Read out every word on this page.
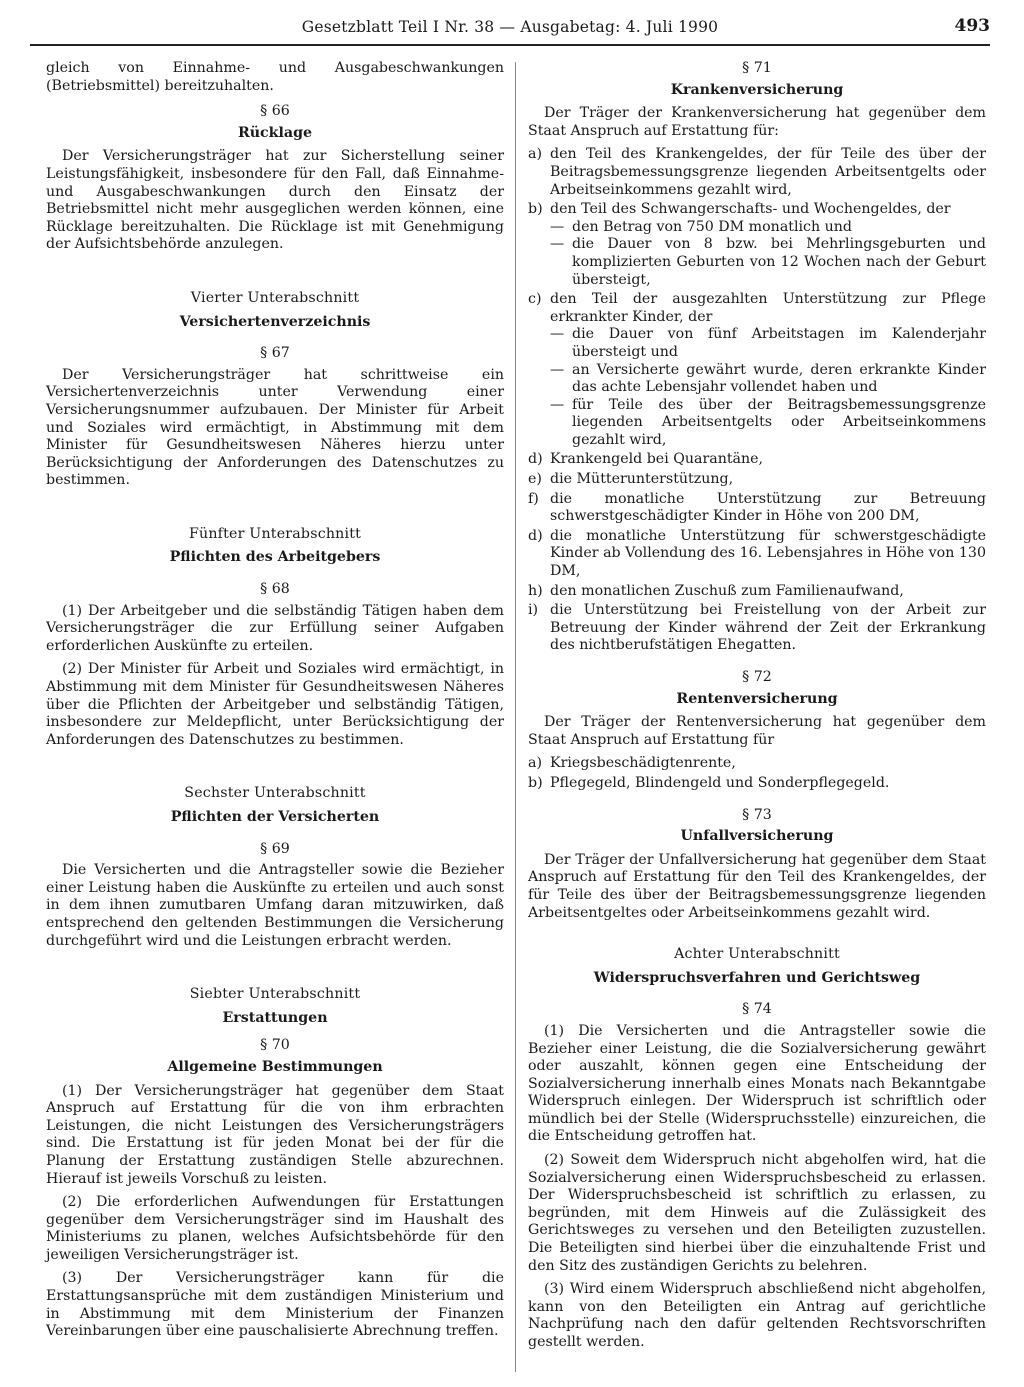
Gesetzblatt Teil I Nr. 38 — Ausgabetag: 4. Juli 1990	493

gleich von Einnahme- und Ausgabeschwankungen (Betriebsmittel) bereitzuhalten.

§ 66
Rücklage

Der Versicherungsträger hat zur Sicherstellung seiner Leistungsfähigkeit, insbesondere für den Fall, daß Einnahme- und Ausgabeschwankungen durch den Einsatz der Betriebsmittel nicht mehr ausgeglichen werden können, eine Rücklage bereitzuhalten. Die Rücklage ist mit Genehmigung der Aufsichtsbehörde anzulegen.

Vierter Unterabschnitt
Versichertenverzeichnis
§ 67

Der Versicherungsträger hat schrittweise ein Versichertenverzeichnis unter Verwendung einer Versicherungsnummer aufzubauen. Der Minister für Arbeit und Soziales wird ermächtigt, in Abstimmung mit dem Minister für Gesundheitswesen Näheres hierzu unter Berücksichtigung der Anforderungen des Datenschutzes zu bestimmen.

Fünfter Unterabschnitt
Pflichten des Arbeitgebers
§ 68

(1) Der Arbeitgeber und die selbständig Tätigen haben dem Versicherungsträger die zur Erfüllung seiner Aufgaben erforderlichen Auskünfte zu erteilen.

(2) Der Minister für Arbeit und Soziales wird ermächtigt, in Abstimmung mit dem Minister für Gesundheitswesen Näheres über die Pflichten der Arbeitgeber und selbständig Tätigen, insbesondere zur Meldepflicht, unter Berücksichtigung der Anforderungen des Datenschutzes zu bestimmen.

Sechster Unterabschnitt
Pflichten der Versicherten
§ 69

Die Versicherten und die Antragsteller sowie die Bezieher einer Leistung haben die Auskünfte zu erteilen und auch sonst in dem ihnen zumutbaren Umfang daran mitzuwirken, daß entsprechend den geltenden Bestimmungen die Versicherung durchgeführt wird und die Leistungen erbracht werden.

Siebter Unterabschnitt
Erstattungen
§ 70
Allgemeine Bestimmungen

(1) Der Versicherungsträger hat gegenüber dem Staat Anspruch auf Erstattung für die von ihm erbrachten Leistungen, die nicht Leistungen des Versicherungsträgers sind. Die Erstattung ist für jeden Monat bei der für die Planung der Erstattung zuständigen Stelle abzurechnen. Hierauf ist jeweils Vorschuß zu leisten.

(2) Die erforderlichen Aufwendungen für Erstattungen gegenüber dem Versicherungsträger sind im Haushalt des Ministeriums zu planen, welches Aufsichtsbehörde für den jeweiligen Versicherungsträger ist.

(3) Der Versicherungsträger kann für die Erstattungsansprüche mit dem zuständigen Ministerium und in Abstimmung mit dem Ministerium der Finanzen Vereinbarungen über eine pauschalisierte Abrechnung treffen.

§ 71
Krankenversicherung

Der Träger der Krankenversicherung hat gegenüber dem Staat Anspruch auf Erstattung für:

a) den Teil des Krankengeldes, der für Teile des über der Beitragsbemessungsgrenze liegenden Arbeitsentgelts oder Arbeitseinkommens gezahlt wird,
b) den Teil des Schwangerschafts- und Wochengeldes, der
— den Betrag von 750 DM monatlich und
— die Dauer von 8 bzw. bei Mehrlingsgeburten und komplizierten Geburten von 12 Wochen nach der Geburt übersteigt,
c) den Teil der ausgezahlten Unterstützung zur Pflege erkrankter Kinder, der
— die Dauer von fünf Arbeitstagen im Kalenderjahr übersteigt und
— an Versicherte gewährt wurde, deren erkrankte Kinder das achte Lebensjahr vollendet haben und
— für Teile des über der Beitragsbemessungsgrenze liegenden Arbeitsentgelts oder Arbeitseinkommens gezahlt wird,
d) Krankengeld bei Quarantäne,
e) die Mütterunterstützung,
f) die monatliche Unterstützung zur Betreuung schwerstgeschädigter Kinder in Höhe von 200 DM,
d) die monatliche Unterstützung für schwerstgeschädigte Kinder ab Vollendung des 16. Lebensjahres in Höhe von 130 DM,
h) den monatlichen Zuschuß zum Familienaufwand,
i) die Unterstützung bei Freistellung von der Arbeit zur Betreuung der Kinder während der Zeit der Erkrankung des nichtberufstätigen Ehegatten.
§ 72
Rentenversicherung

Der Träger der Rentenversicherung hat gegenüber dem Staat Anspruch auf Erstattung für

a) Kriegsbeschädigtenrente,
b) Pflegegeld, Blindengeld und Sonderpflegegeld.
§ 73
Unfallversicherung

Der Träger der Unfallversicherung hat gegenüber dem Staat Anspruch auf Erstattung für den Teil des Krankengeldes, der für Teile des über der Beitragsbemessungsgrenze liegenden Arbeitsentgeltes oder Arbeitseinkommens gezahlt wird.

Achter Unterabschnitt
Widerspruchsverfahren und Gerichtsweg
§ 74

(1) Die Versicherten und die Antragsteller sowie die Bezieher einer Leistung, die die Sozialversicherung gewährt oder auszahlt, können gegen eine Entscheidung der Sozialversicherung innerhalb eines Monats nach Bekanntgabe Widerspruch einlegen. Der Widerspruch ist schriftlich oder mündlich bei der Stelle (Widerspruchsstelle) einzureichen, die die Entscheidung getroffen hat.

(2) Soweit dem Widerspruch nicht abgeholfen wird, hat die Sozialversicherung einen Widerspruchsbescheid zu erlassen. Der Widerspruchsbescheid ist schriftlich zu erlassen, zu begründen, mit dem Hinweis auf die Zulässigkeit des Gerichtsweges zu versehen und den Beteiligten zuzustellen. Die Beteiligten sind hierbei über die einzuhaltende Frist und den Sitz des zuständigen Gerichts zu belehren.

(3) Wird einem Widerspruch abschließend nicht abgeholfen, kann von den Beteiligten ein Antrag auf gerichtliche Nachprüfung nach den dafür geltenden Rechtsvorschriften gestellt werden.
